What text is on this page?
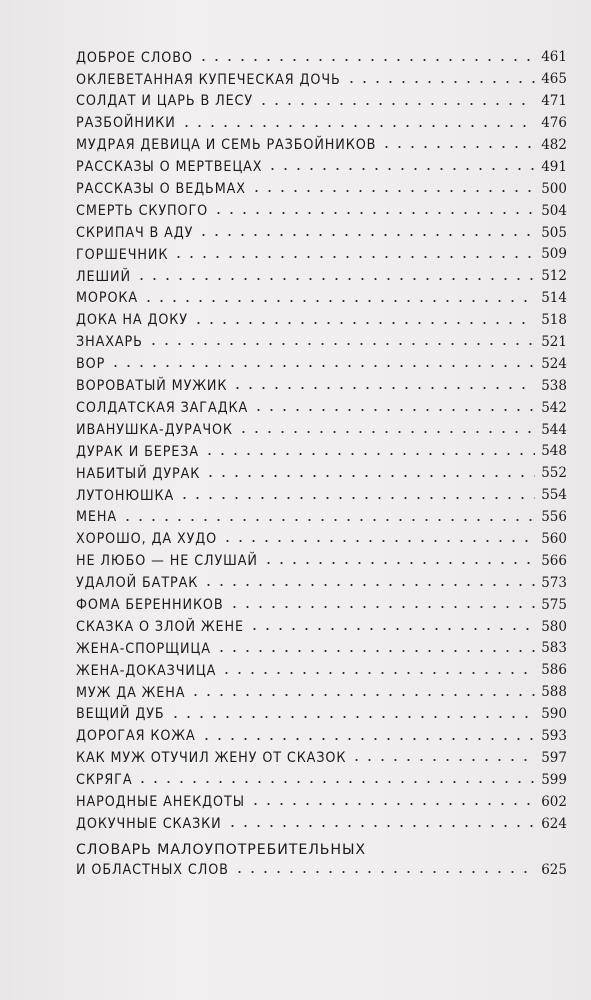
ДОБРОЕ СЛОВО	461
ОКЛЕВЕТАННАЯ КУПЕЧЕСКАЯ ДОЧЬ	465
СОЛДАТ И ЦАРЬ В ЛЕСУ	471
РАЗБОЙНИКИ	476
МУДРАЯ ДЕВИЦА И СЕМЬ РАЗБОЙНИКОВ	482
РАССКАЗЫ О МЕРТВЕЦАХ	491
РАССКАЗЫ О ВЕДЬМАХ	500
СМЕРТЬ СКУПОГО	504
СКРИПАЧ В АДУ	505
ГОРШЕЧНИК	509
ЛЕШИЙ	512
МОРОКА	514
ДОКА НА ДОКУ	518
ЗНАХАРЬ	521
ВОР	524
ВОРОВАТЫЙ МУЖИК	538
СОЛДАТСКАЯ ЗАГАДКА	542
ИВАНУШКА-ДУРАЧОК	544
ДУРАК И БЕРЕЗА	548
НАБИТЫЙ ДУРАК	552
ЛУТОНЮШКА	554
МЕНА	556
ХОРОШО, ДА ХУДО	560
НЕ ЛЮБО — НЕ СЛУШАЙ	566
УДАЛОЙ БАТРАК	573
ФОМА БЕРЕННИКОВ	575
СКАЗКА О ЗЛОЙ ЖЕНЕ	580
ЖЕНА-СПОРЩИЦА	583
ЖЕНА-ДОКАЗЧИЦА	586
МУЖ ДА ЖЕНА	588
ВЕЩИЙ ДУБ	590
ДОРОГАЯ КОЖА	593
КАК МУЖ ОТУЧИЛ ЖЕНУ ОТ СКАЗОК	597
СКРЯГА	599
НАРОДНЫЕ АНЕКДОТЫ	602
ДОКУЧНЫЕ СКАЗКИ	624
СЛОВАРЬ МАЛОУПОТРЕБИТЕЛЬНЫХ
И ОБЛАСТНЫХ СЛОВ	625
